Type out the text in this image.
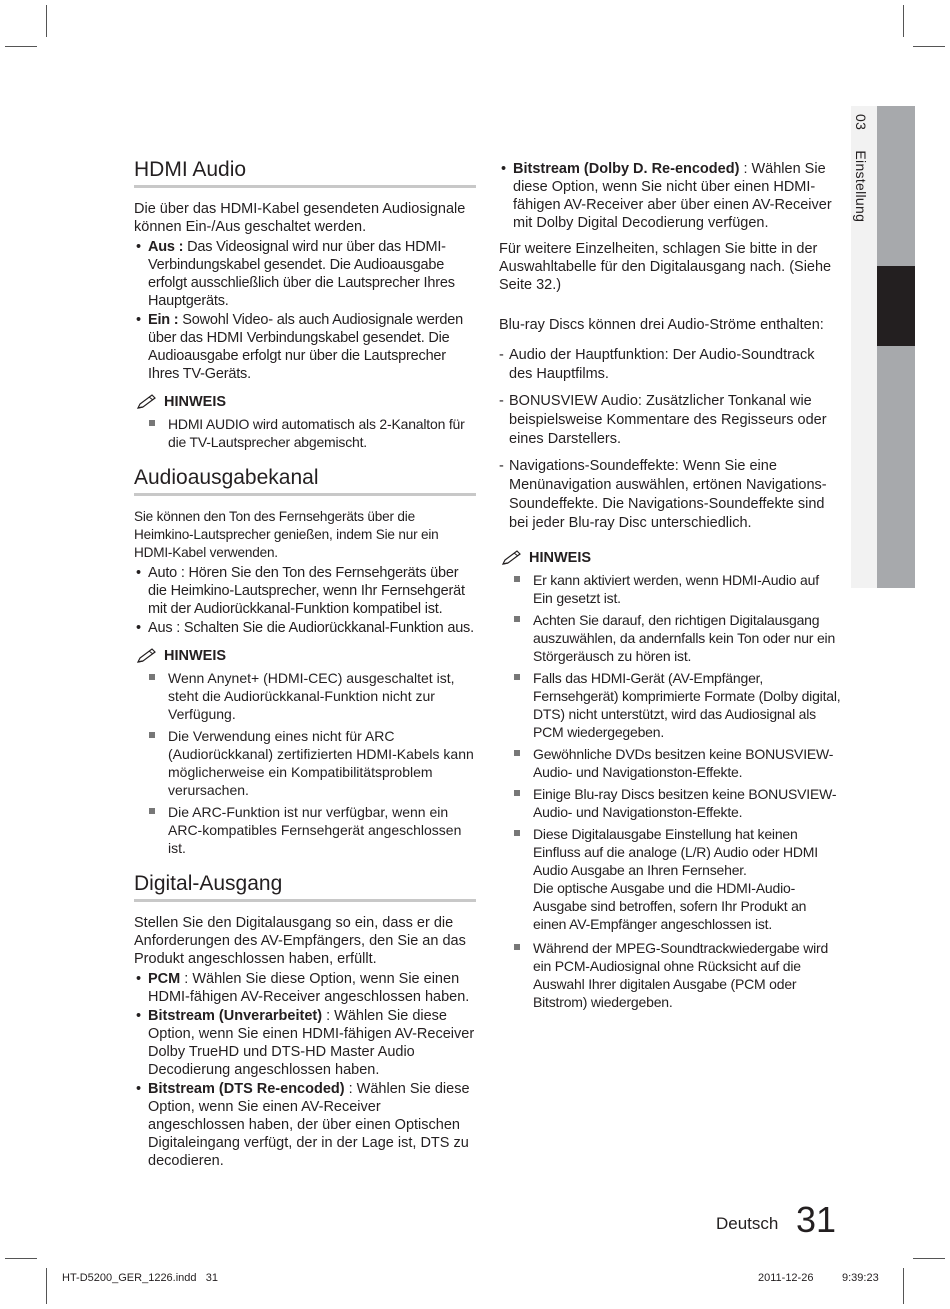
03 Einstellung
HDMI Audio

Die über das HDMI-Kabel gesendeten Audiosignale können Ein-/Aus geschaltet werden.

• Aus : Das Videosignal wird nur über das HDMI-Verbindungskabel gesendet. Die Audioausgabe erfolgt ausschließlich über die Lautsprecher Ihres Hauptgeräts.
• Ein : Sowohl Video- als auch Audiosignale werden über das HDMI Verbindungskabel gesendet. Die Audioausgabe erfolgt nur über die Lautsprecher Ihres TV-Geräts.
HINWEIS
HDMI AUDIO wird automatisch als 2-Kanalton für die TV-Lautsprecher abgemischt.
Audioausgabekanal

Sie können den Ton des Fernsehgeräts über die Heimkino-Lautsprecher genießen, indem Sie nur ein HDMI-Kabel verwenden.

• Auto : Hören Sie den Ton des Fernsehgeräts über die Heimkino-Lautsprecher, wenn Ihr Fernsehgerät mit der Audiorückkanal-Funktion kompatibel ist.
• Aus : Schalten Sie die Audiorückkanal-Funktion aus.
HINWEIS
Wenn Anynet+ (HDMI-CEC) ausgeschaltet ist, steht die Audiorückkanal-Funktion nicht zur Verfügung.
Die Verwendung eines nicht für ARC (Audiorückkanal) zertifizierten HDMI-Kabels kann möglicherweise ein Kompatibilitätsproblem verursachen.
Die ARC-Funktion ist nur verfügbar, wenn ein ARC-kompatibles Fernsehgerät angeschlossen ist.
Digital-Ausgang

Stellen Sie den Digitalausgang so ein, dass er die Anforderungen des AV-Empfängers, den Sie an das Produkt angeschlossen haben, erfüllt.

• PCM : Wählen Sie diese Option, wenn Sie einen HDMI-fähigen AV-Receiver angeschlossen haben.
• Bitstream (Unverarbeitet) : Wählen Sie diese Option, wenn Sie einen HDMI-fähigen AV-Receiver Dolby TrueHD und DTS-HD Master Audio Decodierung angeschlossen haben.
• Bitstream (DTS Re-encoded) : Wählen Sie diese Option, wenn Sie einen AV-Receiver angeschlossen haben, der über einen Optischen Digitaleingang verfügt, der in der Lage ist, DTS zu decodieren.
• Bitstream (Dolby D. Re-encoded) : Wählen Sie diese Option, wenn Sie nicht über einen HDMI-fähigen AV-Receiver aber über einen AV-Receiver mit Dolby Digital Decodierung verfügen.

Für weitere Einzelheiten, schlagen Sie bitte in der Auswahltabelle für den Digitalausgang nach. (Siehe Seite 32.)

Blu-ray Discs können drei Audio-Ströme enthalten:

- Audio der Hauptfunktion: Der Audio-Soundtrack des Hauptfilms.
- BONUSVIEW Audio: Zusätzlicher Tonkanal wie beispielsweise Kommentare des Regisseurs oder eines Darstellers.
- Navigations-Soundeffekte: Wenn Sie eine Menünavigation auswählen, ertönen Navigations-Soundeffekte. Die Navigations-Soundeffekte sind bei jeder Blu-ray Disc unterschiedlich.
HINWEIS
Er kann aktiviert werden, wenn HDMI-Audio auf Ein gesetzt ist.
Achten Sie darauf, den richtigen Digitalausgang auszuwählen, da andernfalls kein Ton oder nur ein Störgeräusch zu hören ist.
Falls das HDMI-Gerät (AV-Empfänger, Fernsehgerät) komprimierte Formate (Dolby digital, DTS) nicht unterstützt, wird das Audiosignal als PCM wiedergegeben.
Gewöhnliche DVDs besitzen keine BONUSVIEW-Audio- und Navigationston-Effekte.
Einige Blu-ray Discs besitzen keine BONUSVIEW-Audio- und Navigationston-Effekte.
Diese Digitalausgabe Einstellung hat keinen Einfluss auf die analoge (L/R) Audio oder HDMI Audio Ausgabe an Ihren Fernseher.
Die optische Ausgabe und die HDMI-Audio-Ausgabe sind betroffen, sofern Ihr Produkt an einen AV-Empfänger angeschlossen ist.
Während der MPEG-Soundtrackwiedergabe wird ein PCM-Audiosignal ohne Rücksicht auf die Auswahl Ihrer digitalen Ausgabe (PCM oder Bitstrom) wiedergeben.
Deutsch 31
HT-D5200_GER_1226.indd   31	2011-12-26	9:39:23
